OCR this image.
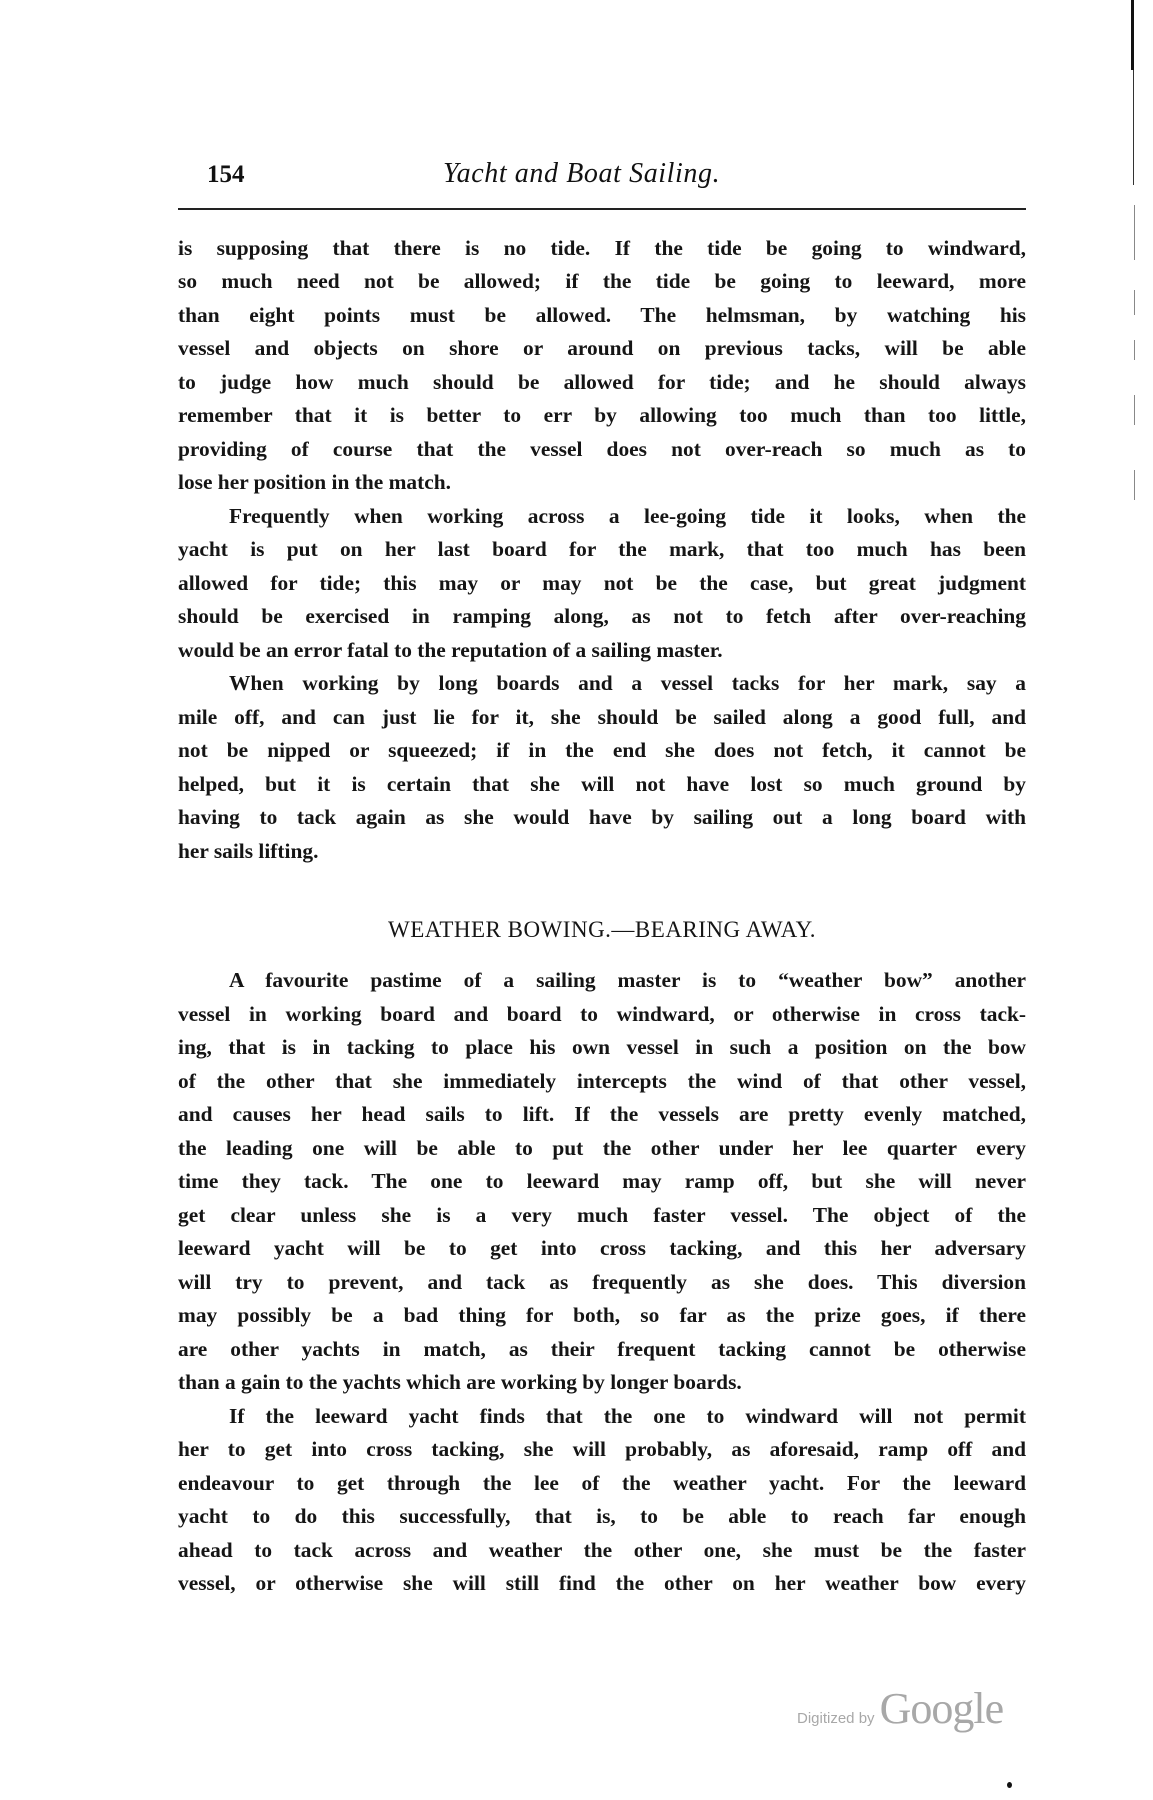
154	Yacht and Boat Sailing.
is supposing that there is no tide. If the tide be going to windward,
so much need not be allowed; if the tide be going to leeward, more
than eight points must be allowed. The helmsman, by watching his
vessel and objects on shore or around on previous tacks, will be able
to judge how much should be allowed for tide; and he should always
remember that it is better to err by allowing too much than too little,
providing of course that the vessel does not over-reach so much as to
lose her position in the match.
Frequently when working across a lee-going tide it looks, when the
yacht is put on her last board for the mark, that too much has been
allowed for tide; this may or may not be the case, but great judgment
should be exercised in ramping along, as not to fetch after over-reaching
would be an error fatal to the reputation of a sailing master.
When working by long boards and a vessel tacks for her mark, say a
mile off, and can just lie for it, she should be sailed along a good full, and
not be nipped or squeezed; if in the end she does not fetch, it cannot be
helped, but it is certain that she will not have lost so much ground by
having to tack again as she would have by sailing out a long board with
her sails lifting.
WEATHER BOWING.—BEARING AWAY.
A favourite pastime of a sailing master is to “weather bow” another
vessel in working board and board to windward, or otherwise in cross tack-
ing, that is in tacking to place his own vessel in such a position on the bow
of the other that she immediately intercepts the wind of that other vessel,
and causes her head sails to lift. If the vessels are pretty evenly matched,
the leading one will be able to put the other under her lee quarter every
time they tack. The one to leeward may ramp off, but she will never
get clear unless she is a very much faster vessel. The object of the
leeward yacht will be to get into cross tacking, and this her adversary
will try to prevent, and tack as frequently as she does. This diversion
may possibly be a bad thing for both, so far as the prize goes, if there
are other yachts in match, as their frequent tacking cannot be otherwise
than a gain to the yachts which are working by longer boards.
If the leeward yacht finds that the one to windward will not permit
her to get into cross tacking, she will probably, as aforesaid, ramp off and
endeavour to get through the lee of the weather yacht. For the leeward
yacht to do this successfully, that is, to be able to reach far enough
ahead to tack across and weather the other one, she must be the faster
vessel, or otherwise she will still find the other on her weather bow every
Digitized by Google
